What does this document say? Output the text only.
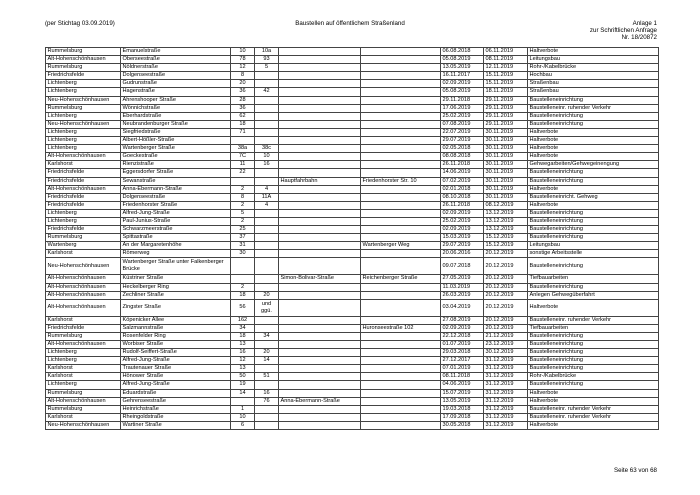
(per Stichtag 03.09.2019)	Baustellen auf öffentlichem Straßenland	Anlage 1
zur Schriftlichen Anfrage
Nr. 18/20872
Rummelsburg	Emanuelstraße	10	10a			06.08.2018	06.11.2019	Haltverbote
Alt-Hohenschönhausen	Oberseestraße	78	93			05.08.2019	08.11.2019	Leitungsbau
Rummelsburg	Nöldnerstraße	12	5			13.05.2019	12.11.2019	Rohr-/Kabelbrücke
Friedrichsfelde	Dolgenseestraße	8				16.11.2017	15.11.2019	Hochbau
Lichtenberg	Gudrunstraße	20				02.09.2019	15.11.2019	Straßenbau
Lichtenberg	Hagenstraße	36	42			05.08.2019	18.11.2019	Straßenbau
Neu-Hohenschönhausen	Ahrenshooper Straße	28				29.11.2018	29.11.2019	Baustelleneinrichtung
Rummelsburg	Wönnichstraße	36				17.06.2019	29.11.2019	Baustelleneinr. ruhender Verkehr
Lichtenberg	Eberhardstraße	62				25.02.2019	29.11.2019	Baustelleneinrichtung
Neu-Hohenschönhausen	Neubrandenburger Straße	18				07.08.2019	29.11.2019	Baustelleneinrichtung
Lichtenberg	Siegfriedstraße	71				22.07.2019	30.11.2019	Haltverbote
Lichtenberg	Albert-Hößler-Straße					29.07.2019	30.11.2019	Haltverbote
Lichtenberg	Wartenberger Straße	38a	38c			02.05.2018	30.11.2019	Haltverbote
Alt-Hohenschönhausen	Goeckestraße	7C	10			08.08.2018	30.11.2019	Haltverbote
Karlshorst	Rienzistraße	11	16			26.11.2018	30.11.2019	Gehwegarbeiten/Gehwegeinengung
Friedrichsfelde	Eggersdorfer Straße	22				14.06.2019	30.11.2019	Baustelleneinrichtung
Friedrichsfelde	Sewanstraße			Hauptfahrbahn	Friedenhorster Str. 10	07.02.2019	30.11.2019	Baustelleneinrichtung
Alt-Hohenschönhausen	Anna-Ebermann-Straße	2	4			02.01.2018	30.11.2019	Haltverbote
Friedrichsfelde	Dolgenseestraße	8	11A			08.10.2018	30.11.2019	Baustelleneinricht. Gehweg
Friedrichsfelde	Friedenhorster Straße	2	4			26.11.2018	08.12.2019	Haltverbote
Lichtenberg	Alfred-Jung-Straße	5				02.09.2019	13.12.2019	Baustelleneinrichtung
Lichtenberg	Paul-Junius-Straße	2				25.02.2019	13.12.2019	Baustelleneinrichtung
Friedrichsfelde	Schwarzmeerstraße	25				02.09.2019	13.12.2019	Baustelleneinrichtung
Rummelsburg	Spittastraße	37				15.03.2019	15.12.2019	Baustelleneinrichtung
Wartenberg	An der Margaretenhöhe	31			Wartenberger Weg	29.07.2019	15.12.2019	Leitungsbau
Karlshorst	Römerweg	30				20.06.2016	20.12.2019	sonstige Arbeitsstelle
Neu-Hohenschönhausen	Wartenberger Straße unter Falkenberger Brücke					09.07.2018	20.12.2019	Baustelleneinrichtung
Alt-Hohenschönhausen	Küstriner Straße			Simon-Bolivar-Straße	Reichenberger Straße	27.05.2019	20.12.2019	Tiefbauarbeiten
Alt-Hohenschönhausen	Heckelberger Ring	2				11.03.2019	20.12.2019	Baustelleneinrichtung
Alt-Hohenschönhausen	Zechliner Straße	18	20			26.03.2019	20.12.2019	Anlegen Gehwegüberfahrt
Alt-Hohenschönhausen	Zingster Straße	56	und ggü.			03.04.2019	20.12.2019	Haltverbote
Karlshorst	Köpenicker Allee	162				27.08.2019	20.12.2019	Baustelleneinr. ruhender Verkehr
Friedrichsfelde	Salzmannstraße	34			Huronseestraße 102	02.09.2019	20.12.2019	Tiefbauarbeiten
Rummelsburg	Rosenfelder Ring	18	34			22.12.2018	21.12.2019	Baustelleneinrichtung
Alt-Hohenschönhausen	Worbiser Straße	13				01.07.2019	23.12.2019	Baustelleneinrichtung
Lichtenberg	Rudolf-Seiffert-Straße	16	20			29.03.2018	30.12.2019	Baustelleneinrichtung
Lichtenberg	Alfred-Jung-Straße	12	14			27.12.2017	31.12.2019	Baustelleneinrichtung
Karlshorst	Trautenauer Straße	13				07.01.2019	31.12.2019	Baustelleneinrichtung
Karlshorst	Hönower Straße	50	51			08.11.2018	31.12.2019	Rohr-/Kabelbrücke
Lichtenberg	Alfred-Jung-Straße	19				04.06.2019	31.12.2019	Baustelleneinrichtung
Rummelsburg	Eduardstraße	14	16			15.07.2019	31.12.2019	Haltverbote
Alt-Hohenschönhausen	Gehrenseestraße		76	Anna-Ebermann-Straße		13.05.2019	31.12.2019	Haltverbote
Rummelsburg	Heinrichstraße	1				19.03.2018	31.12.2019	Baustelleneinr. ruhender Verkehr
Karlshorst	Rheingoldstraße	10				17.09.2018	31.12.2019	Baustelleneinr. ruhender Verkehr
Neu-Hohenschönhausen	Wartiner Straße	6				30.05.2018	31.12.2019	Haltverbote
Seite 63 von 68
